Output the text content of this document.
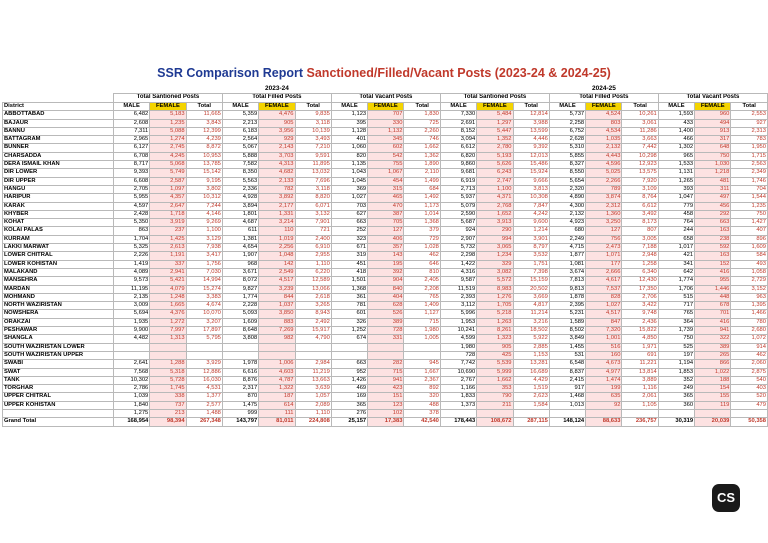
SSR Comparison Report Sanctioned/Filled/Vacant Posts (2023-24 & 2024-25)
	2023-24									2024-25								
	Total Santioned Posts			Total Filled Posts			Total Vacant Posts			Total Santioned Posts			Total Filled Posts			Total Vacant Posts		
District	MALE	FEMALE	Total	MALE	FEMALE	Total	MALE	FEMALE	Total	MALE	FEMALE	Total	MALE	FEMALE	Total	MALE	FEMALE	Total
ABBOTTABAD	6,482	5,183	11,665	5,359	4,476	9,835	1,123	707	1,830	7,330	5,484	12,814	5,737	4,524	10,261	1,593	960	2,553
BAJAUR	2,608	1,235	3,843	2,213	905	3,118	395	330	725	2,691	1,297	3,988	2,258	803	3,061	433	494	927
BANNU	7,311	5,088	12,399	6,183	3,956	10,139	1,128	1,132	2,260	8,152	5,447	13,599	6,752	4,534	11,286	1,400	913	2,313
BATTAGRAM	2,965	1,274	4,239	2,564	929	3,493	401	345	746	3,094	1,352	4,446	2,628	1,035	3,663	466	317	783
BUNNER	6,127	2,745	8,872	5,067	2,143	7,210	1,060	602	1,662	6,612	2,780	9,392	5,310	2,132	7,442	1,302	648	1,950
CHARSADDA	6,708	4,245	10,953	5,888	3,703	9,591	820	542	1,362	6,820	5,193	12,013	5,855	4,443	10,298	965	750	1,715
DERA ISMAIL KHAN	8,717	5,068	13,785	7,582	4,313	11,895	1,135	755	1,890	9,860	5,626	15,486	8,327	4,596	12,923	1,533	1,030	2,563
DIR LOWER	9,393	5,749	15,142	8,350	4,682	13,032	1,043	1,067	2,110	9,681	6,243	15,924	8,550	5,025	13,575	1,131	1,218	2,349
DIR UPPER	6,608	2,587	9,195	5,563	2,133	7,696	1,045	454	1,499	6,919	2,747	9,666	5,654	2,266	7,920	1,265	481	1,746
HANGU	2,705	1,097	3,802	2,336	782	3,118	369	315	684	2,713	1,100	3,813	2,320	789	3,109	393	311	704
HARIPUR	5,955	4,357	10,312	4,928	3,892	8,820	1,027	465	1,492	5,937	4,371	10,308	4,890	3,874	8,764	1,047	497	1,544
KARAK	4,597	2,647	7,244	3,894	2,177	6,071	703	470	1,173	5,079	2,768	7,847	4,300	2,312	6,612	779	456	1,235
KHYBER	2,428	1,718	4,146	1,801	1,331	3,132	627	387	1,014	2,590	1,652	4,242	2,132	1,360	3,492	458	292	750
KOHAT	5,350	3,919	9,269	4,687	3,214	7,901	663	705	1,368	5,687	3,913	9,600	4,923	3,250	8,173	764	663	1,427
KOLAI PALAS	863	237	1,100	611	110	721	252	127	379	924	290	1,214	680	127	807	244	163	407
KURRAM	1,704	1,425	3,129	1,381	1,019	2,400	323	406	729	2,907	994	3,901	2,249	756	3,005	658	238	896
LAKKI MARWAT	5,325	2,613	7,938	4,654	2,256	6,910	671	357	1,028	5,732	3,065	8,797	4,715	2,473	7,188	1,017	592	1,609
LOWER CHITRAL	2,226	1,191	3,417	1,907	1,048	2,955	319	143	462	2,298	1,234	3,532	1,877	1,071	2,948	421	163	584
LOWER KOHISTAN	1,419	337	1,756	968	142	1,110	451	195	646	1,422	329	1,751	1,081	177	1,258	341	152	493
MALAKAND	4,089	2,941	7,030	3,671	2,549	6,220	418	392	810	4,316	3,082	7,398	3,674	2,666	6,340	642	416	1,058
MANSEHRA	9,573	5,421	14,994	8,072	4,517	12,589	1,501	904	2,405	9,587	5,572	15,159	7,813	4,617	12,430	1,774	955	2,729
MARDAN	11,195	4,079	15,274	9,827	3,239	13,066	1,368	840	2,208	11,519	8,983	20,502	9,813	7,537	17,350	1,706	1,446	3,152
MOHMAND	2,135	1,248	3,383	1,774	844	2,618	361	404	765	2,393	1,276	3,669	1,878	828	2,706	515	448	963
NORTH WAZIRISTAN	3,009	1,665	4,674	2,228	1,037	3,265	781	628	1,409	3,112	1,705	4,817	2,395	1,027	3,422	717	678	1,395
NOWSHERA	5,694	4,376	10,070	5,093	3,850	8,943	601	526	1,127	5,996	5,218	11,214	5,231	4,517	9,748	765	701	1,466
ORAKZAI	1,935	1,272	3,207	1,609	883	2,492	326	389	715	1,953	1,263	3,216	1,589	847	2,436	364	416	780
PESHAWAR	9,900	7,997	17,897	8,648	7,269	15,917	1,252	728	1,980	10,241	8,261	18,502	8,502	7,320	15,822	1,739	941	2,680
SHANGLA	4,482	1,313	5,795	3,808	982	4,790	674	331	1,005	4,599	1,323	5,922	3,849	1,001	4,850	750	322	1,072
SOUTH WAZIRISTAN LOWER										1,980	905	2,885	1,455	516	1,971	525	389	914
SOUTH WAZIRISTAN UPPER										728	425	1,153	531	160	691	197	265	462
SWABI	2,641	1,288	3,929	1,978	1,006	2,984	663	282	945	7,742	5,539	13,281	6,548	4,673	11,221	1,194	866	2,060
SWAT	7,568	5,318	12,886	6,616	4,603	11,219	952	715	1,667	10,690	5,999	16,689	8,837	4,977	13,814	1,853	1,022	2,875
TANK	10,302	5,728	16,030	8,876	4,787	13,663	1,426	941	2,367	2,767	1,662	4,429	2,415	1,474	3,889	352	188	540
TORGHAR	2,786	1,745	4,531	2,317	1,322	3,639	469	423	892	1,166	353	1,519	917	199	1,116	249	154	403
UPPER CHITRAL	1,039	338	1,377	870	187	1,057	169	151	320	1,833	790	2,623	1,468	635	2,061	365	155	520
UPPER KOHISTAN	1,840	737	2,577	1,475	614	2,089	365	123	488	1,373	211	1,584	1,013	92	1,105	360	119	479
	1,275	213	1,488	999	111	1,110	276	102	378									
Grand Total	168,954	98,394	267,348	143,797	81,011	224,808	25,157	17,383	42,540	178,443	108,672	287,115	148,124	88,633	236,757	30,319	20,039	50,358
CS
